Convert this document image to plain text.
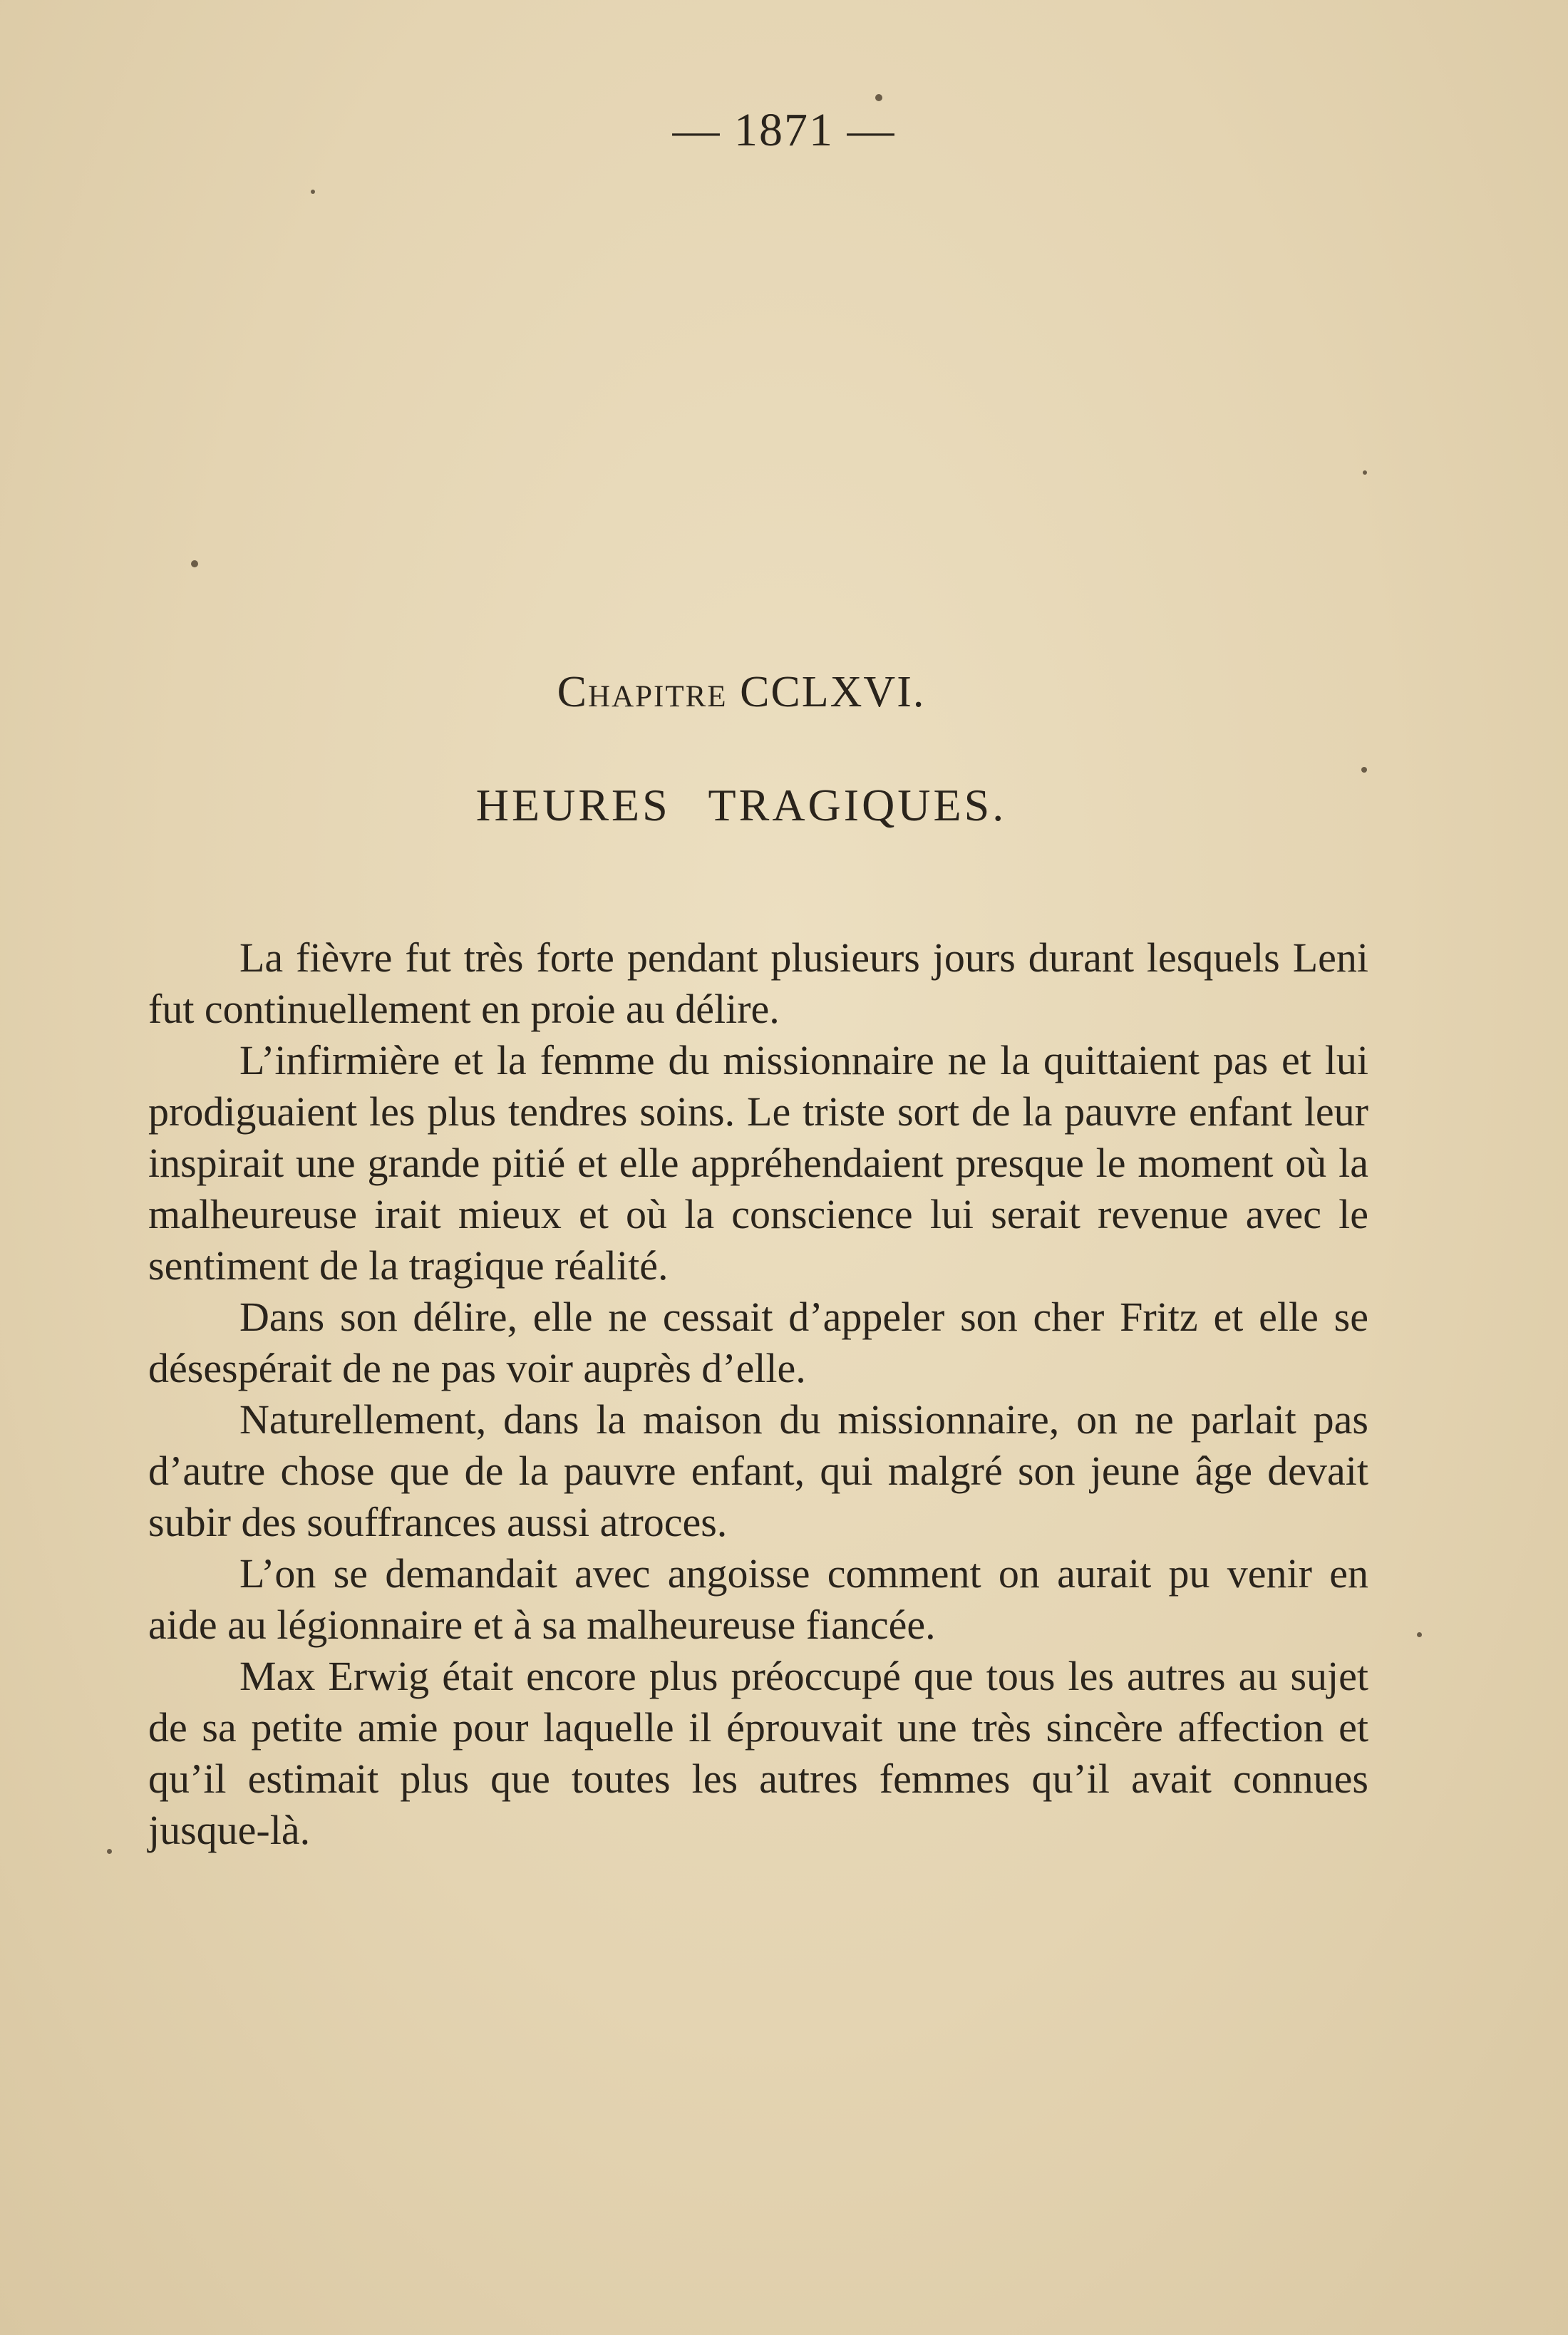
— 1871 —
Chapitre CCLXVI.
HEURES TRAGIQUES.

La fièvre fut très forte pendant plusieurs jours durant lesquels Leni fut continuellement en proie au délire.

L’infirmière et la femme du missionnaire ne la quittaient pas et lui prodiguaient les plus tendres soins. Le triste sort de la pauvre enfant leur inspirait une grande pitié et elle appréhendaient presque le moment où la malheureuse irait mieux et où la conscience lui serait revenue avec le sentiment de la tragique réalité.

Dans son délire, elle ne cessait d’appeler son cher Fritz et elle se désespérait de ne pas voir auprès d’elle.

Naturellement, dans la maison du missionnaire, on ne parlait pas d’autre chose que de la pauvre enfant, qui malgré son jeune âge devait subir des souffrances aussi atroces.

L’on se demandait avec angoisse comment on aurait pu venir en aide au légionnaire et à sa malheureuse fiancée.

Max Erwig était encore plus préoccupé que tous les autres au sujet de sa petite amie pour laquelle il éprouvait une très sincère affection et qu’il estimait plus que toutes les autres femmes qu’il avait connues jusque-là.
